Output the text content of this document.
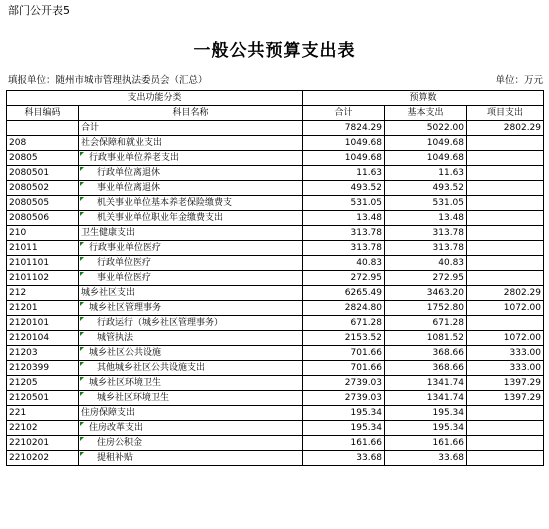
部门公开表5
一般公共预算支出表
填报单位：随州市城市管理执法委员会（汇总）	单位：万元
支出功能分类		预算数		
科目编码	科目名称	合计	基本支出	项目支出
	合计	7824.29	5022.00	2802.29
208	社会保障和就业支出	1049.68	1049.68	
20805	行政事业单位养老支出	1049.68	1049.68	
2080501	行政单位离退休	11.63	11.63	
2080502	事业单位离退休	493.52	493.52	
2080505	机关事业单位基本养老保险缴费支	531.05	531.05	
2080506	机关事业单位职业年金缴费支出	13.48	13.48	
210	卫生健康支出	313.78	313.78	
21011	行政事业单位医疗	313.78	313.78	
2101101	行政单位医疗	40.83	40.83	
2101102	事业单位医疗	272.95	272.95	
212	城乡社区支出	6265.49	3463.20	2802.29
21201	城乡社区管理事务	2824.80	1752.80	1072.00
2120101	行政运行（城乡社区管理事务）	671.28	671.28	
2120104	城管执法	2153.52	1081.52	1072.00
21203	城乡社区公共设施	701.66	368.66	333.00
2120399	其他城乡社区公共设施支出	701.66	368.66	333.00
21205	城乡社区环境卫生	2739.03	1341.74	1397.29
2120501	城乡社区环境卫生	2739.03	1341.74	1397.29
221	住房保障支出	195.34	195.34	
22102	住房改革支出	195.34	195.34	
2210201	住房公积金	161.66	161.66	
2210202	提租补贴	33.68	33.68	
